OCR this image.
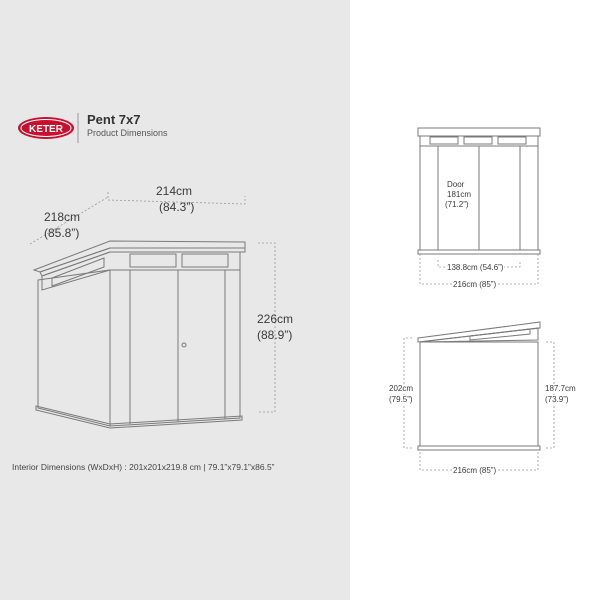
KETER
Pent 7x7
Product Dimensions
214cm
(84.3”)
218cm
(85.8”)
226cm
(88.9”)
Interior Dimensions (WxDxH) : 201x201x219.8 cm | 79.1”x79.1”x86.5”
Door
181cm
(71.2”)
138.8cm (54.6”)
216cm (85”)
202cm
(79.5”)
187.7cm
(73.9”)
216cm (85”)
